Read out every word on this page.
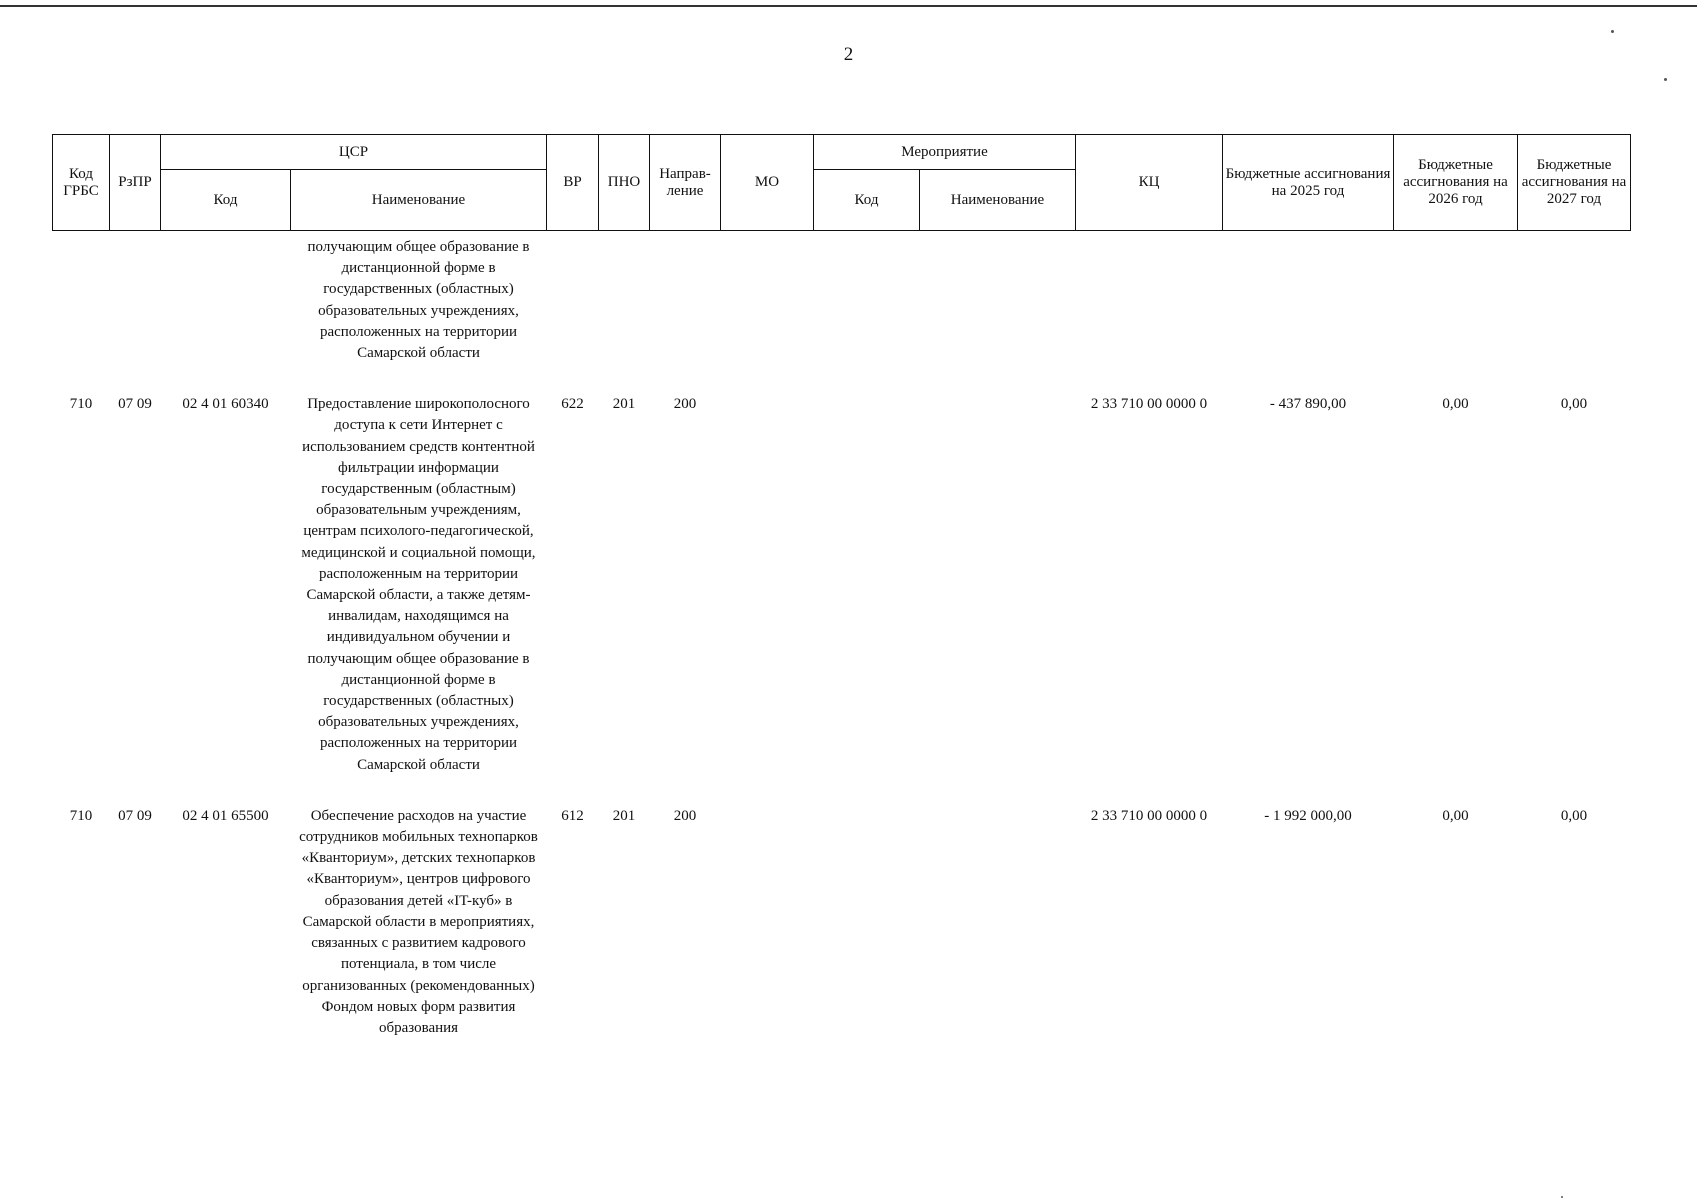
2
Код ГРБС	РзПР	ЦСР		ВР	ПНО	Направ-ление	МО	Мероприятие		КЦ	Бюджетные ассигнования на 2025 год	Бюджетные ассигнования на 2026 год	Бюджетные ассигнования на 2027 год
		Код	Наименование					Код	Наименование				
			получающим общее образование в дистанционной форме в государственных (областных) образовательных учреждениях, расположенных на территории Самарской области										
710	07 09	02 4 01 60340	Предоставление широкополосного доступа к сети Интернет с использованием средств контентной фильтрации информации государственным (областным) образовательным учреждениям, центрам психолого-педагогической, медицинской и социальной помощи, расположенным на территории Самарской области, а также детям-инвалидам, находящимся на индивидуальном обучении и получающим общее образование в дистанционной форме в государственных (областных) образовательных учреждениях, расположенных на территории Самарской области	622	201	200				2 33 710 00 0000 0	- 437 890,00	0,00	0,00
710	07 09	02 4 01 65500	Обеспечение расходов на участие сотрудников мобильных технопарков «Кванториум», детских технопарков «Кванториум», центров цифрового образования детей «IT-куб» в Самарской области в мероприятиях, связанных с развитием кадрового потенциала, в том числе организованных (рекомендованных) Фондом новых форм развития образования	612	201	200				2 33 710 00 0000 0	- 1 992 000,00	0,00	0,00
